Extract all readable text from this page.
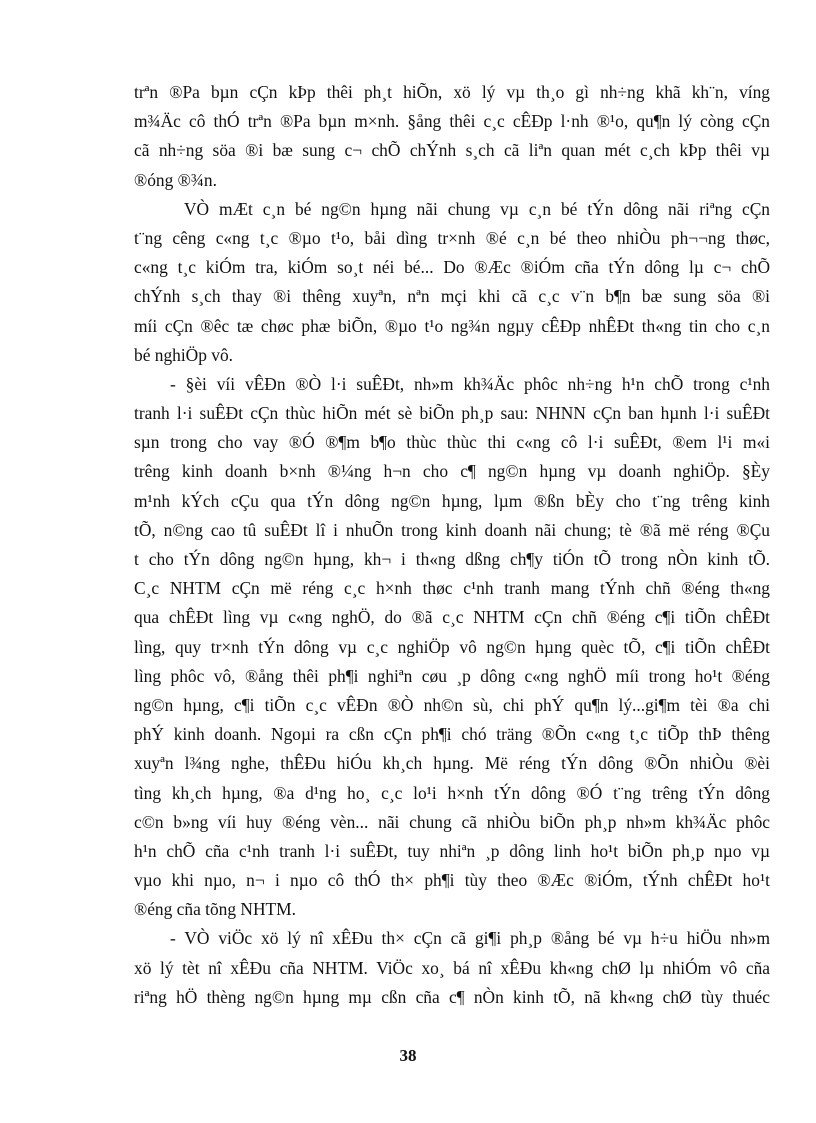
trªn ®Pa bµn cÇn kÞp thêi ph¸t hiÕn, xö lý vµ th¸o gì nh÷ng khã kh¨n, víng
m¾Äc cô thÓ trªn ®Pa bµn m×nh. §ång thêi c¸c cÊÐp l·nh ®¹o, qu¶n lý còng cÇn
cã nh÷ng söa ®i bæ sung c¬ chÕ chÝnh s¸ch cã liªn quan mét c¸ch kÞp thêi vµ
®óng ®¾n.
VÒ mÆt c¸n bé ng©n hµng nãi chung vµ c¸n bé tÝn dông nãi riªng cÇn
t¨ng cêng c«ng t¸c ®µo t¹o, båi dìng tr×nh ®é c¸n bé theo nhiÒu ph¬¬ng thøc,
c«ng t¸c kiÓm tra, kiÓm so¸t néi bé... Do ®Æc ®iÓm cña tÝn dông lµ c¬ chÕ
chÝnh s¸ch thay ®i thêng xuyªn, nªn mçi khi cã c¸c v¨n b¶n bæ sung söa ®i
míi cÇn ®êc tæ chøc phæ biÕn, ®µo t¹o ng¾n ngµy cÊÐp nhÊÐt th«ng tin cho c¸n
bé nghiÖp vô.
- §èi víi vÊÐn ®Ò l·i suÊÐt, nh»m kh¾Äc phôc nh÷ng h¹n chÕ trong c¹nh
tranh l·i suÊÐt cÇn thùc hiÕn mét sè biÕn ph¸p sau: NHNN cÇn ban hµnh l·i suÊÐt
sµn trong cho vay ®Ó ®¶m b¶o thùc thùc thi c«ng cô l·i suÊÐt, ®em l¹i m«i
trêng kinh doanh b×nh ®¼ng h¬n cho c¶ ng©n hµng vµ doanh nghiÖp. §Èy
m¹nh kÝch cÇu qua tÝn dông ng©n hµng, lµm ®ßn bÈy cho t¨ng trêng kinh
tÕ, n©ng cao tû suÊÐt lî i nhuÕn trong kinh doanh nãi chung; tè ®ã më réng ®Çu
t cho tÝn dông ng©n hµng, kh¬ i th«ng dßng ch¶y tiÓn tÕ trong nÒn kinh tÕ.
C¸c NHTM cÇn më réng c¸c h×nh thøc c¹nh tranh mang tÝnh chñ ®éng th«ng
qua chÊÐt lìng vµ c«ng nghÖ, do ®ã c¸c NHTM cÇn chñ ®éng c¶i tiÕn chÊÐt
lìng, quy tr×nh tÝn dông vµ c¸c nghiÖp vô ng©n hµng quèc tÕ, c¶i tiÕn chÊÐt
lìng phôc vô, ®ång thêi ph¶i nghiªn cøu ¸p dông c«ng nghÖ míi trong ho¹t ®éng
ng©n hµng, c¶i tiÕn c¸c vÊÐn ®Ò nh©n sù, chi phÝ qu¶n lý...gi¶m tèi ®a chi
phÝ kinh doanh. Ngoµi ra cßn cÇn ph¶i chó träng ®Õn c«ng t¸c tiÕp thÞ thêng
xuyªn l¾ng nghe, thÊÐu hiÓu kh¸ch hµng. Më réng tÝn dông ®Õn nhiÒu ®èi
tìng kh¸ch hµng, ®a d¹ng ho¸ c¸c lo¹i h×nh tÝn dông ®Ó t¨ng trêng tÝn dông
c©n b»ng víi huy ®éng vèn... nãi chung cã nhiÒu biÕn ph¸p nh»m kh¾Äc phôc
h¹n chÕ cña c¹nh tranh l·i suÊÐt, tuy nhiªn ¸p dông linh ho¹t biÕn ph¸p nµo vµ
vµo khi nµo, n¬ i nµo cô thÓ th× ph¶i tùy theo ®Æc ®iÓm, tÝnh chÊÐt ho¹t
®éng cña tõng NHTM.
- VÒ viÖc xö lý nî xÊÐu th× cÇn cã gi¶i ph¸p ®ång bé vµ h÷u hiÖu nh»m
xö lý tèt nî xÊÐu cña NHTM. ViÖc xo¸ bá nî xÊÐu kh«ng chØ lµ nhiÓm vô cña
riªng hÖ thèng ng©n hµng mµ cßn cña c¶ nÒn kinh tÕ, nã kh«ng chØ tùy thuéc
38
